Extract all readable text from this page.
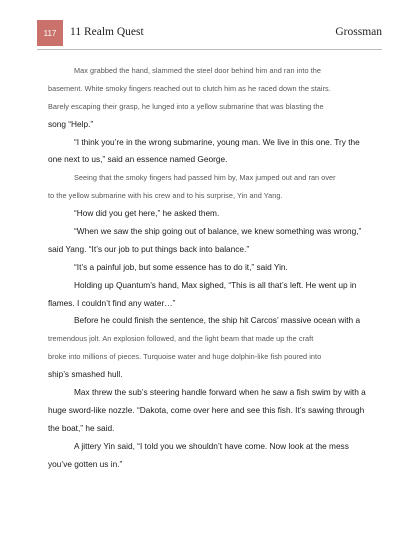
117	11 Realm Quest	Grossman
Max grabbed the hand, slammed the steel door behind him and ran into the
basement. White smoky fingers reached out to clutch him as he raced down the stairs.
Barely escaping their grasp, he lunged into a yellow submarine that was blasting the
song “Help.”
“I think you’re in the wrong submarine, young man. We live in this one. Try the
one next to us,” said an essence named George.
Seeing that the smoky fingers had passed him by, Max jumped out and ran over
to the yellow submarine with his crew and to his surprise, Yin and Yang.
“How did you get here,” he asked them.
“When we saw the ship going out of balance, we knew something was wrong,”
said Yang. “It’s our job to put things back into balance.”
“It’s a painful job, but some essence has to do it,” said Yin.
Holding up Quantum’s hand, Max sighed, “This is all that’s left. He went up in
flames. I couldn’t find any water…”
Before he could finish the sentence, the ship hit Carcos’ massive ocean with a
tremendous jolt. An explosion followed, and the light beam that made up the craft
broke into millions of pieces. Turquoise water and huge dolphin-like fish poured into
ship’s smashed hull.
Max threw the sub’s steering handle forward when he saw a fish swim by with a
huge sword-like nozzle. “Dakota, come over here and see this fish. It’s sawing through
the boat,” he said.
A jittery Yin said, “I told you we shouldn’t have come. Now look at the mess
you’ve gotten us in.”
